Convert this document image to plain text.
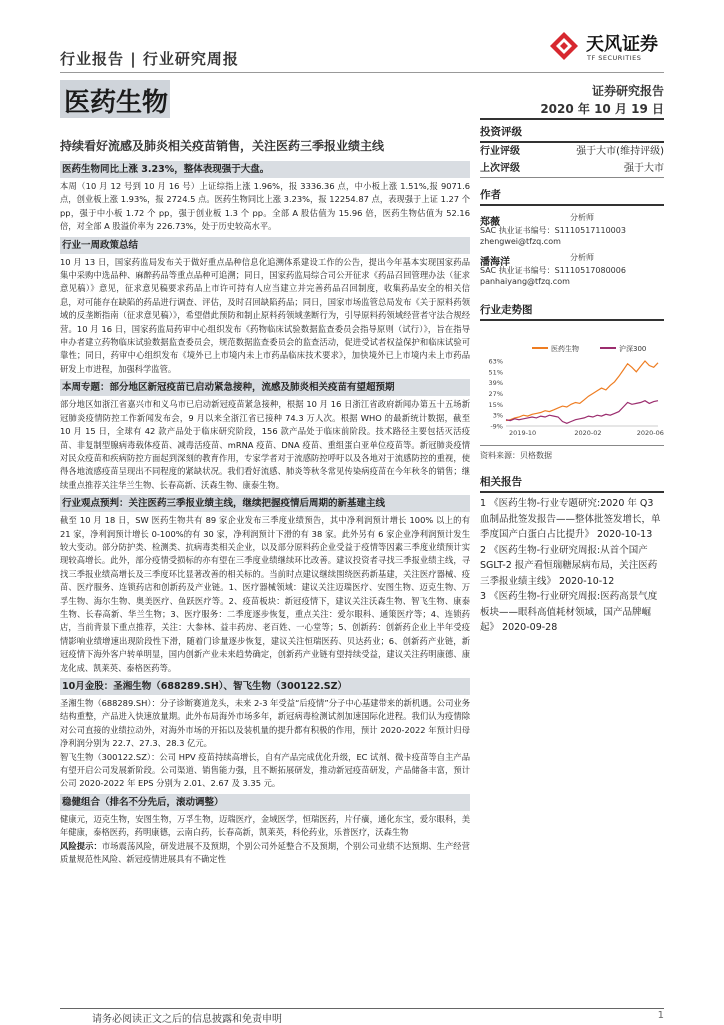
行业报告 | 行业研究周报
天风证券
TF SECURITIES
医药生物	证券研究报告
2020 年 10 月 19 日
持续看好流感及肺炎相关疫苗销售，关注医药三季报业绩主线
医药生物同比上涨 3.23%，整体表现强于大盘。

本周（10 月 12 号到 10 月 16 号）上证综指上涨 1.96%，报 3336.36 点，中小板上涨 1.51%,报 9071.6 点，创业板上涨 1.93%，报 2724.5 点。医药生物同比上涨 3.23%，报 12254.87 点，表现强于上证 1.27 个 pp，强于中小板 1.72 个 pp，强于创业板 1.3 个 pp。全部 A 股估值为 15.96 倍，医药生物估值为 52.16 倍，对全部 A 股溢价率为 226.73%，处于历史较高水平。

行业一周政策总结

10 月 13 日，国家药监局发布关于做好重点品种信息化追溯体系建设工作的公告，提出今年基本实现国家药品集中采购中选品种、麻醉药品等重点品种可追溯；同日，国家药监局综合司公开征求《药品召回管理办法（征求意见稿）》意见，征求意见稿要求药品上市许可持有人应当建立并完善药品召回制度，收集药品安全的相关信息，对可能存在缺陷的药品进行调查、评估，及时召回缺陷药品；同日，国家市场监管总局发布《关于原料药领域的反垄断指南（征求意见稿）》，希望借此预防和制止原料药领域垄断行为，引导原料药领域经营者守法合规经营。10 月 16 日，国家药监局药审中心组织发布《药物临床试验数据监查委员会指导原则（试行）》，旨在指导申办者建立药物临床试验数据监查委员会，规范数据监查委员会的监查活动，促进受试者权益保护和临床试验可靠性；同日，药审中心组织发布《境外已上市境内未上市药品临床技术要求》，加快境外已上市境内未上市药品研发上市进程，加强科学监管。

本周专题：部分地区新冠疫苗已启动紧急接种，流感及肺炎相关疫苗有望超预期

部分地区如浙江省嘉兴市和义乌市已启动新冠疫苗紧急接种，根据 10 月 16 日浙江省政府新闻办第五十五场新冠肺炎疫情防控工作新闻发布会，9 月以来全浙江省已接种 74.3 万人次。根据 WHO 的最新统计数据，截至 10 月 15 日，全球有 42 款产品处于临床研究阶段，156 款产品处于临床前阶段。技术路径主要包括灭活疫苗、非复制型腺病毒载体疫苗、减毒活疫苗、mRNA 疫苗、DNA 疫苗、重组蛋白亚单位疫苗等。新冠肺炎疫情对民众疫苗和疾病防控方面起到深刻的教育作用，专家学者对于流感防控呼吁以及各地对于流感防控的重视，使得各地流感疫苗呈现出不同程度的紧缺状况。我们看好流感、肺炎等秋冬常见传染病疫苗在今年秋冬的销售；继续重点推荐关注华兰生物、长春高新、沃森生物、康泰生物。

行业观点预判：关注医药三季报业绩主线，继续把握疫情后周期的新基建主线

截至 10 月 18 日，SW 医药生物共有 89 家企业发布三季度业绩预告，其中净利润预计增长 100% 以上的有 21 家，净利润预计增长 0-100%的有 30 家，净利润预计下滑的有 38 家。此外另有 6 家企业净利润预计发生较大变动。部分防护类、检测类、抗病毒类相关企业，以及部分原料药企业受益于疫情等因素三季度业绩预计实现较高增长。此外，部分疫情受损标的亦有望在三季度业绩继续环比改善。建议投资者寻找三季报业绩主线，寻找三季报业绩高增长及三季度环比显著改善的相关标的。当前时点建议继续围绕医药新基建，关注医疗器械、疫苗、医疗服务、连锁药店和创新药及产业链。1、医疗器械领域：建议关注迈瑞医疗、安图生物、迈克生物、万孚生物、海尔生物、奥美医疗、鱼跃医疗等。2、疫苗板块：新冠疫情下，建议关注沃森生物、智飞生物、康泰生物、长春高新、华兰生物；3、医疗服务：二季度逐步恢复，重点关注：爱尔眼科、通策医疗等；4、连锁药店，当前背景下重点推荐，关注：大参林、益丰药房、老百姓、一心堂等；5、创新药：创新药企业上半年受疫情影响业绩增速出现阶段性下滑，随着门诊量逐步恢复，建议关注恒瑞医药、贝达药业；6、创新药产业链，新冠疫情下海外客户转单明显，国内创新产业未来趋势确定，创新药产业链有望持续受益，建议关注药明康德、康龙化成、凯莱英、泰格医药等。

10月金股：圣湘生物（688289.SH）、智飞生物（300122.SZ）

圣湘生物（688289.SH）：分子诊断赛道龙头，未来 2-3 年受益“后疫情”分子中心基建带来的新机遇。公司业务结构重整，产品进入快速放量期。此外布局海外市场多年，新冠病毒检测试剂加速国际化进程。我们认为疫情除对公司直接的业绩拉动外，对海外市场的开拓以及装机量的提升都有积极的作用，预计 2020-2022 年预计归母净利润分别为 22.7、27.3、28.3 亿元。

智飞生物（300122.SZ）：公司 HPV 疫苗持续高增长，自有产品完成优化升级，EC 试剂、微卡疫苗等自主产品有望开启公司发展新阶段。公司渠道、销售能力强，且不断拓展研发，推动新冠疫苗研发，产品储备丰富，预计公司 2020-2022 年 EPS 分别为 2.01、2.67 及 3.35 元。

稳健组合（排名不分先后，滚动调整）

健康元，迈克生物，安图生物，万孚生物，迈瑞医疗，金域医学，恒瑞医药，片仔癀，通化东宝，爱尔眼科，美年健康，泰格医药，药明康德，云南白药，长春高新，凯莱英，科伦药业，乐普医疗，沃森生物

风险提示：市场震荡风险，研发进展不及预期，个别公司外延整合不及预期，个别公司业绩不达预期、生产经营质量规范性风险、新冠疫情进展具有不确定性

投资评级
行业评级	强于大市(维持评级)
上次评级	强于大市
作者
郑薇	分析师
SAC 执业证书编号：S1110517110003
zhengwei@tfzq.com
潘海洋	分析师
SAC 执业证书编号：S1110517080006
panhaiyang@tfzq.com
行业走势图
医药生物	沪深300
63%
51%
39%
27%
15%
3%
-9%
2019-10	2020-02	2020-06
资料来源：贝格数据
相关报告
1 《医药生物-行业专题研究:2020 年 Q3 血制品批签发报告——整体批签发增长，单季度国产白蛋白占比提升》 2020-10-13
2 《医药生物-行业研究周报:从首个国产 SGLT-2 报产看恒瑞糖尿病布局，关注医药三季报业绩主线》 2020-10-12
3 《医药生物-行业研究周报:医药高景气度板块——眼科高值耗材领域，国产品牌崛起》 2020-09-28
请务必阅读正文之后的信息披露和免责申明	1
